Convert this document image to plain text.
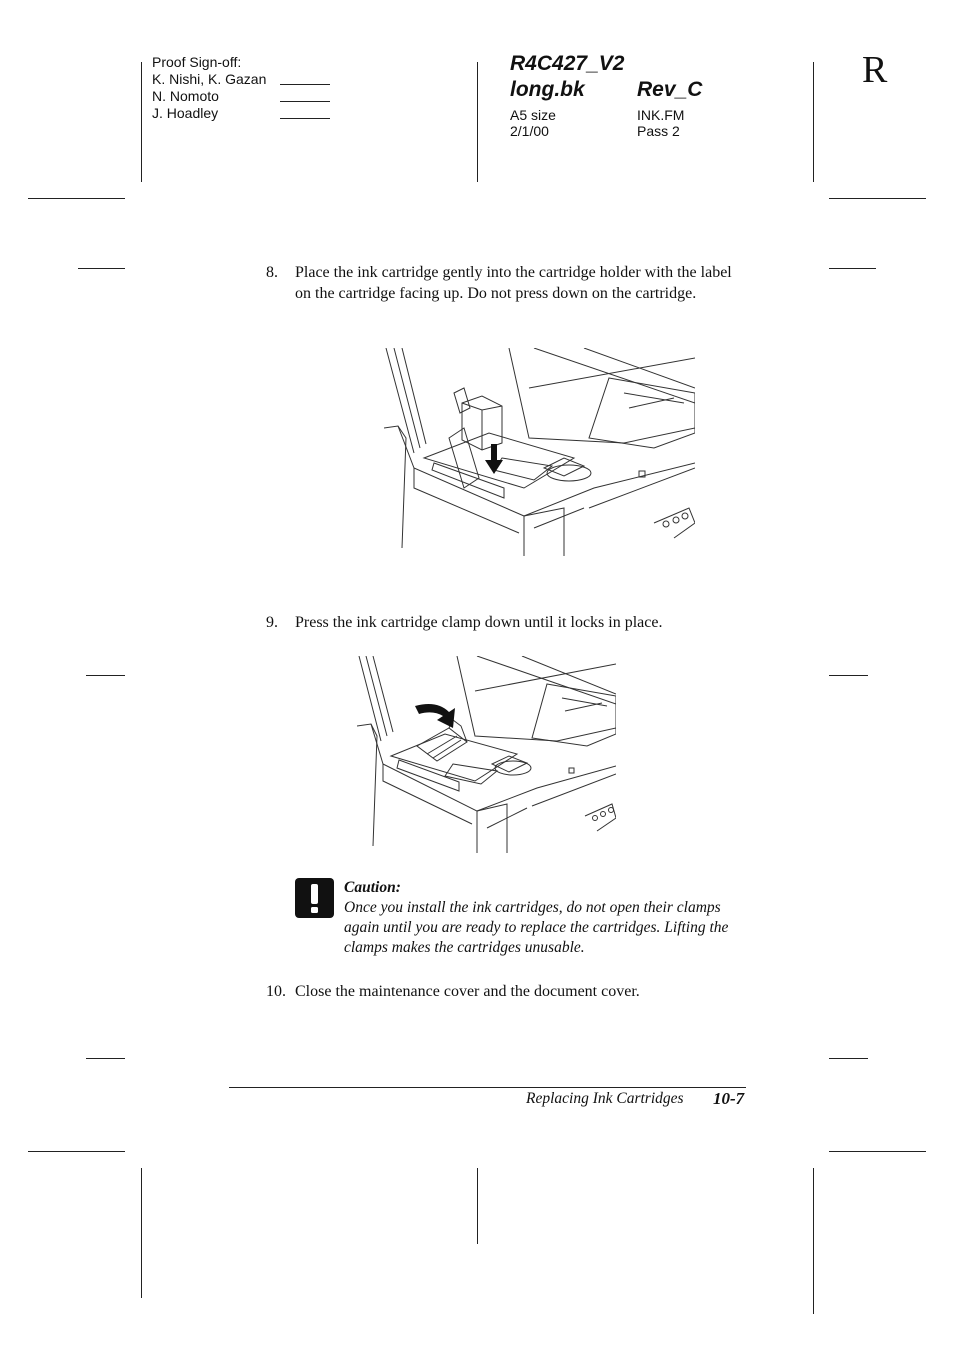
Proof Sign-off:
K. Nishi, K. Gazan
N. Nomoto
J. Hoadley
R4C427_V2
long.bk Rev_C
A5 size
2/1/00
INK.FM
Pass 2
R
8. Place the ink cartridge gently into the cartridge holder with the label on the cartridge facing up. Do not press down on the cartridge.
9. Press the ink cartridge clamp down until it locks in place.
Caution:
Once you install the ink cartridges, do not open their clamps again until you are ready to replace the cartridges. Lifting the clamps makes the cartridges unusable.
10. Close the maintenance cover and the document cover.
Replacing Ink Cartridges 10-7
